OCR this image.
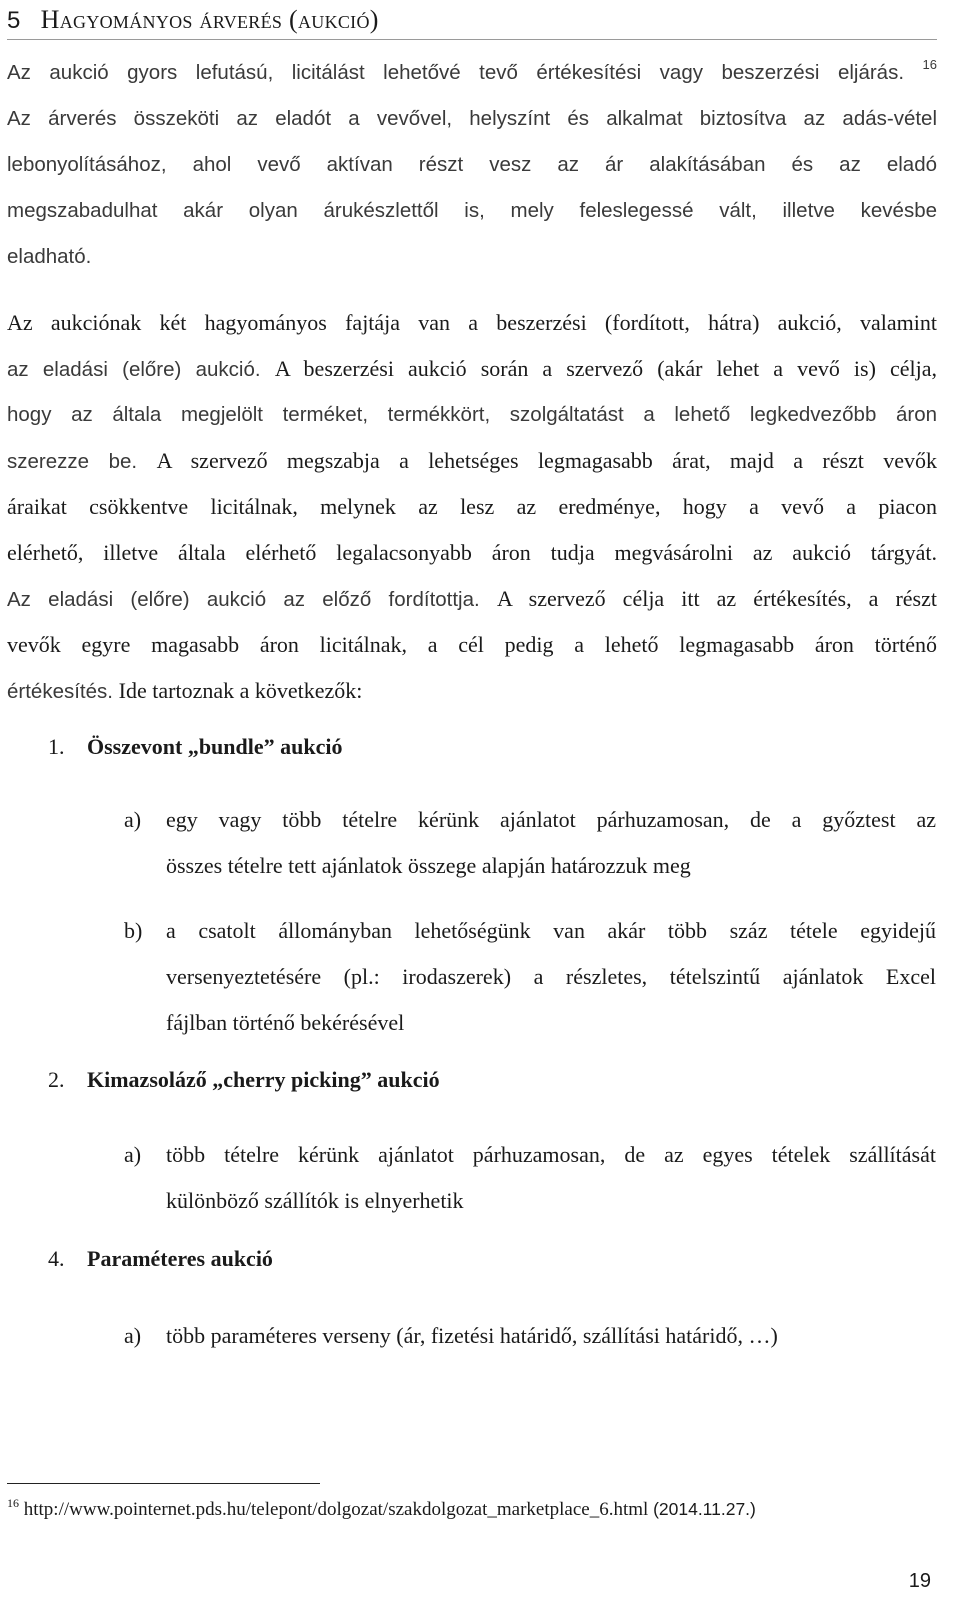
5 Hagyományos árverés (aukció)
Az aukció gyors lefutású, licitálást lehetővé tevő értékesítési vagy beszerzési eljárás. $^{16}$
Az árverés összeköti az eladót a vevővel, helyszínt és alkalmat biztosítva az adás-vétel
lebonyolításához, ahol vevő aktívan részt vesz az ár alakításában és az eladó
megszabadulhat akár olyan árukészlettől is, mely feleslegessé vált, illetve kevésbe
eladható.
Az aukciónak két hagyományos fajtája van a beszerzési (fordított, hátra) aukció, valamint
az eladási (előre) aukció. A beszerzési aukció során a szervező (akár lehet a vevő is) célja,
hogy az általa megjelölt terméket, termékkört, szolgáltatást a lehető legkedvezőbb áron
szerezze be. A szervező megszabja a lehetséges legmagasabb árat, majd a részt vevők
áraikat csökkentve licitálnak, melynek az lesz az eredménye, hogy a vevő a piacon
elérhető, illetve általa elérhető legalacsonyabb áron tudja megvásárolni az aukció tárgyát.
Az eladási (előre) aukció az előző fordítottja. A szervező célja itt az értékesítés, a részt
vevők egyre magasabb áron licitálnak, a cél pedig a lehető legmagasabb áron történő
értékesítés. Ide tartoznak a következők:
1. Összevont „bundle” aukció
a) egy vagy több tételre kérünk ajánlatot párhuzamosan, de a győztest az
összes tételre tett ajánlatok összege alapján határozzuk meg
b) a csatolt állományban lehetőségünk van akár több száz tétele egyidejű
versenyeztetésére (pl.: irodaszerek) a részletes, tételszintű ajánlatok Excel
fájlban történő bekérésével
2. Kimazsoláző „cherry picking” aukció
a) több tételre kérünk ajánlatot párhuzamosan, de az egyes tételek szállítását
különböző szállítók is elnyerhetik
4. Paraméteres aukció
a) több paraméteres verseny (ár, fizetési határidő, szállítási határidő, …)
$^{16}$ http://www.pointernet.pds.hu/telepont/dolgozat/szakdolgozat_marketplace_6.html (2014.11.27.)
19
